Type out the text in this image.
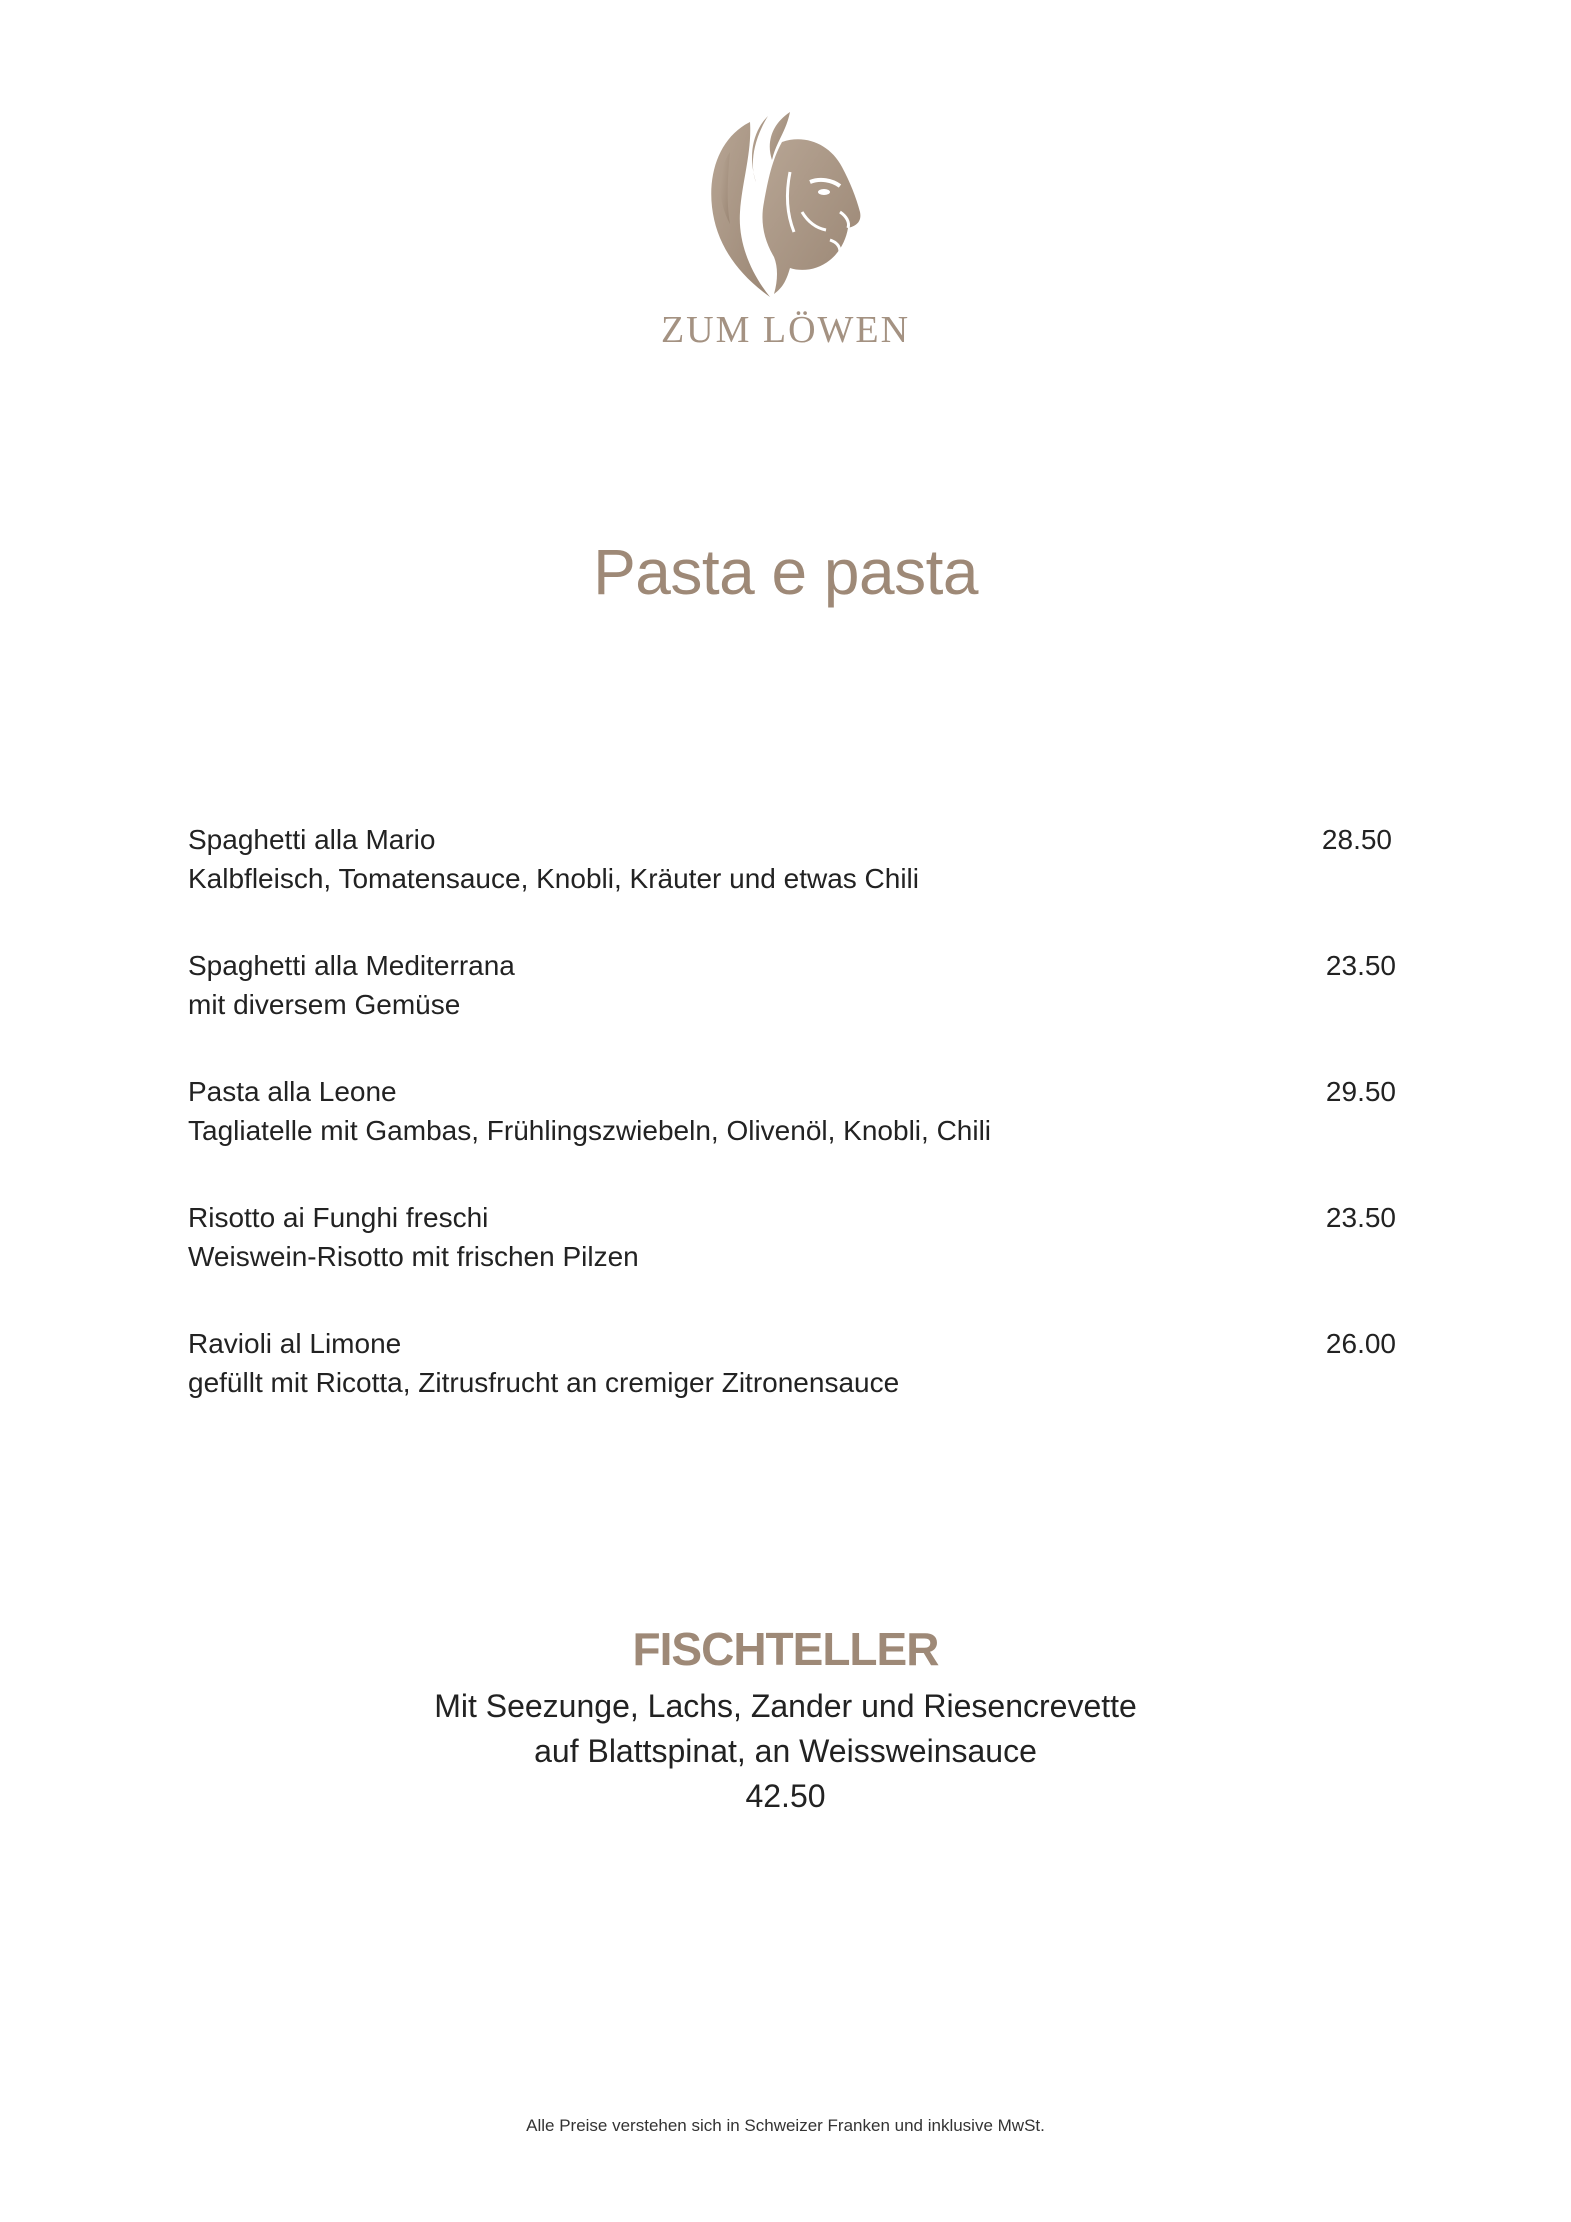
ZUM LÖWEN
Pasta e pasta
Spaghetti alla Mario
Kalbfleisch, Tomatensauce, Knobli, Kräuter und etwas Chili
28.50
Spaghetti alla Mediterrana
mit diversem Gemüse
23.50
Pasta alla Leone
Tagliatelle mit Gambas, Frühlingszwiebeln, Olivenöl, Knobli, Chili
29.50
Risotto ai Funghi freschi
Weiswein-Risotto mit frischen Pilzen
23.50
Ravioli al Limone
gefüllt mit Ricotta, Zitrusfrucht an cremiger Zitronensauce
26.00
FISCHTELLER
Mit Seezunge, Lachs, Zander und Riesencrevette
auf Blattspinat, an Weissweinsauce
42.50
Alle Preise verstehen sich in Schweizer Franken und inklusive MwSt.
